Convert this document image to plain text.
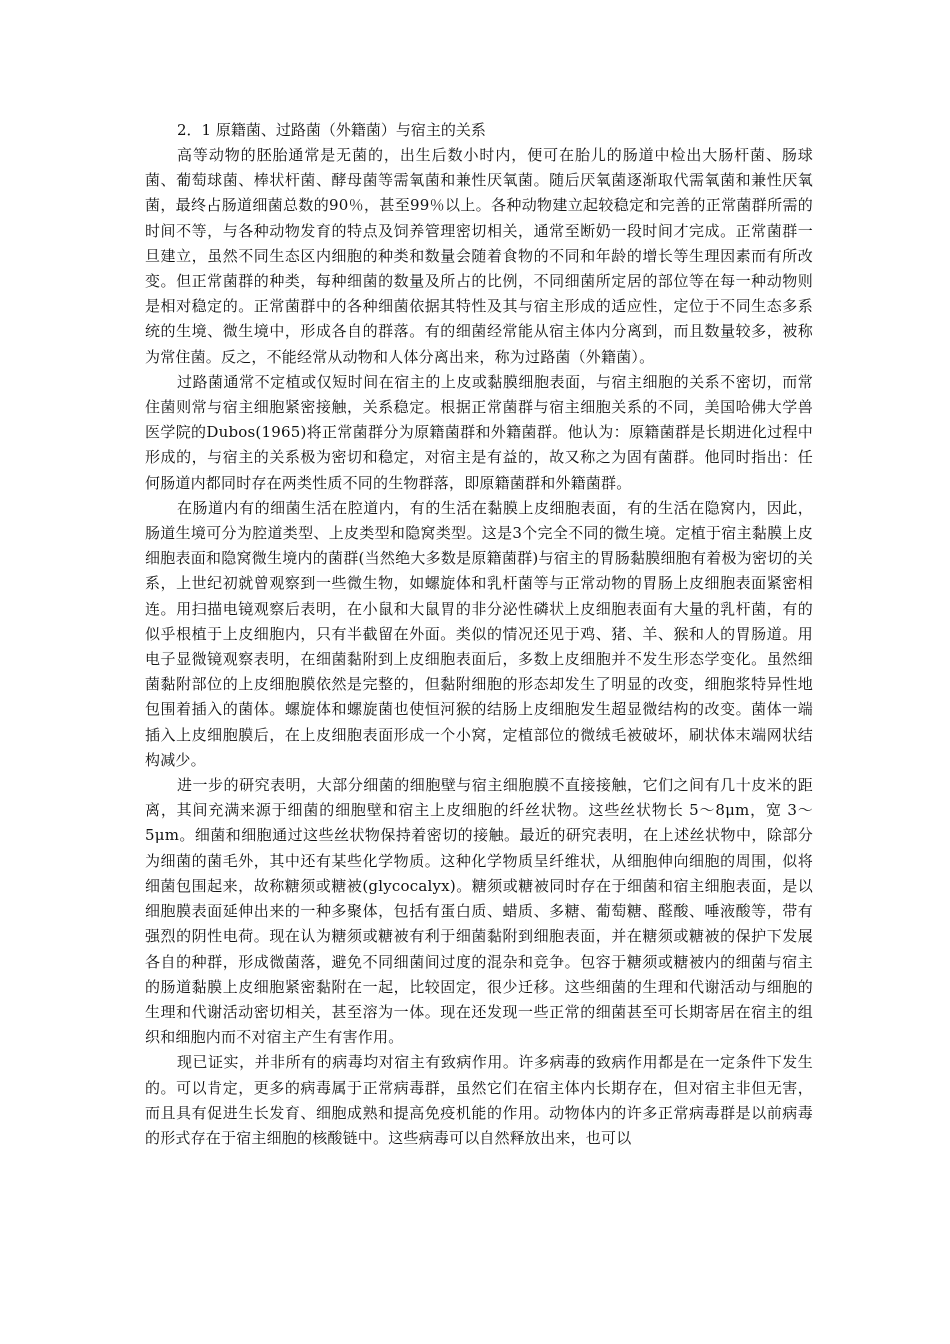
2．1 原籍菌、过路菌（外籍菌）与宿主的关系

高等动物的胚胎通常是无菌的，出生后数小时内，便可在胎儿的肠道中检出大肠杆菌、肠球菌、葡萄球菌、棒状杆菌、酵母菌等需氧菌和兼性厌氧菌。随后厌氧菌逐渐取代需氧菌和兼性厌氧菌，最终占肠道细菌总数的90％，甚至99％以上。各种动物建立起较稳定和完善的正常菌群所需的时间不等，与各种动物发育的特点及饲养管理密切相关，通常至断奶一段时间才完成。正常菌群一旦建立，虽然不同生态区内细胞的种类和数量会随着食物的不同和年龄的增长等生理因素而有所改变。但正常菌群的种类，每种细菌的数量及所占的比例，不同细菌所定居的部位等在每一种动物则是相对稳定的。正常菌群中的各种细菌依据其特性及其与宿主形成的适应性，定位于不同生态多系统的生境、微生境中，形成各自的群落。有的细菌经常能从宿主体内分离到，而且数量较多，被称为常住菌。反之，不能经常从动物和人体分离出来，称为过路菌（外籍菌）。

过路菌通常不定植或仅短时间在宿主的上皮或黏膜细胞表面，与宿主细胞的关系不密切，而常住菌则常与宿主细胞紧密接触，关系稳定。根据正常菌群与宿主细胞关系的不同，美国哈佛大学兽医学院的Dubos(1965)将正常菌群分为原籍菌群和外籍菌群。他认为：原籍菌群是长期进化过程中形成的，与宿主的关系极为密切和稳定，对宿主是有益的，故又称之为固有菌群。他同时指出：任何肠道内都同时存在两类性质不同的生物群落，即原籍菌群和外籍菌群。

在肠道内有的细菌生活在腔道内，有的生活在黏膜上皮细胞表面，有的生活在隐窝内，因此，肠道生境可分为腔道类型、上皮类型和隐窝类型。这是3个完全不同的微生境。定植于宿主黏膜上皮细胞表面和隐窝微生境内的菌群(当然绝大多数是原籍菌群)与宿主的胃肠黏膜细胞有着极为密切的关系，上世纪初就曾观察到一些微生物，如螺旋体和乳杆菌等与正常动物的胃肠上皮细胞表面紧密相连。用扫描电镜观察后表明，在小鼠和大鼠胃的非分泌性磷状上皮细胞表面有大量的乳杆菌，有的似乎根植于上皮细胞内，只有半截留在外面。类似的情况还见于鸡、猪、羊、猴和人的胃肠道。用电子显微镜观察表明，在细菌黏附到上皮细胞表面后，多数上皮细胞并不发生形态学变化。虽然细菌黏附部位的上皮细胞膜依然是完整的，但黏附细胞的形态却发生了明显的改变，细胞浆特异性地包围着插入的菌体。螺旋体和螺旋菌也使恒河猴的结肠上皮细胞发生超显微结构的改变。菌体一端插入上皮细胞膜后，在上皮细胞表面形成一个小窝，定植部位的微绒毛被破坏，刷状体末端网状结构减少。

进一步的研究表明，大部分细菌的细胞壁与宿主细胞膜不直接接触，它们之间有几十皮米的距离，其间充满来源于细菌的细胞壁和宿主上皮细胞的纤丝状物。这些丝状物长 5～8μm，宽 3～5μm。细菌和细胞通过这些丝状物保持着密切的接触。最近的研究表明，在上述丝状物中，除部分为细菌的菌毛外，其中还有某些化学物质。这种化学物质呈纤维状，从细胞伸向细胞的周围，似将细菌包围起来，故称糖须或糖被(glycocalyx)。糖须或糖被同时存在于细菌和宿主细胞表面，是以细胞膜表面延伸出来的一种多聚体，包括有蛋白质、蜡质、多糖、葡萄糖、醛酸、唾液酸等，带有强烈的阴性电荷。现在认为糖须或糖被有利于细菌黏附到细胞表面，并在糖须或糖被的保护下发展各自的种群，形成微菌落，避免不同细菌间过度的混杂和竞争。包容于糖须或糖被内的细菌与宿主的肠道黏膜上皮细胞紧密黏附在一起，比较固定，很少迁移。这些细菌的生理和代谢活动与细胞的生理和代谢活动密切相关，甚至溶为一体。现在还发现一些正常的细菌甚至可长期寄居在宿主的组织和细胞内而不对宿主产生有害作用。

现已证实，并非所有的病毒均对宿主有致病作用。许多病毒的致病作用都是在一定条件下发生的。可以肯定，更多的病毒属于正常病毒群，虽然它们在宿主体内长期存在，但对宿主非但无害，而且具有促进生长发育、细胞成熟和提高免疫机能的作用。动物体内的许多正常病毒群是以前病毒的形式存在于宿主细胞的核酸链中。这些病毒可以自然释放出来，也可以
